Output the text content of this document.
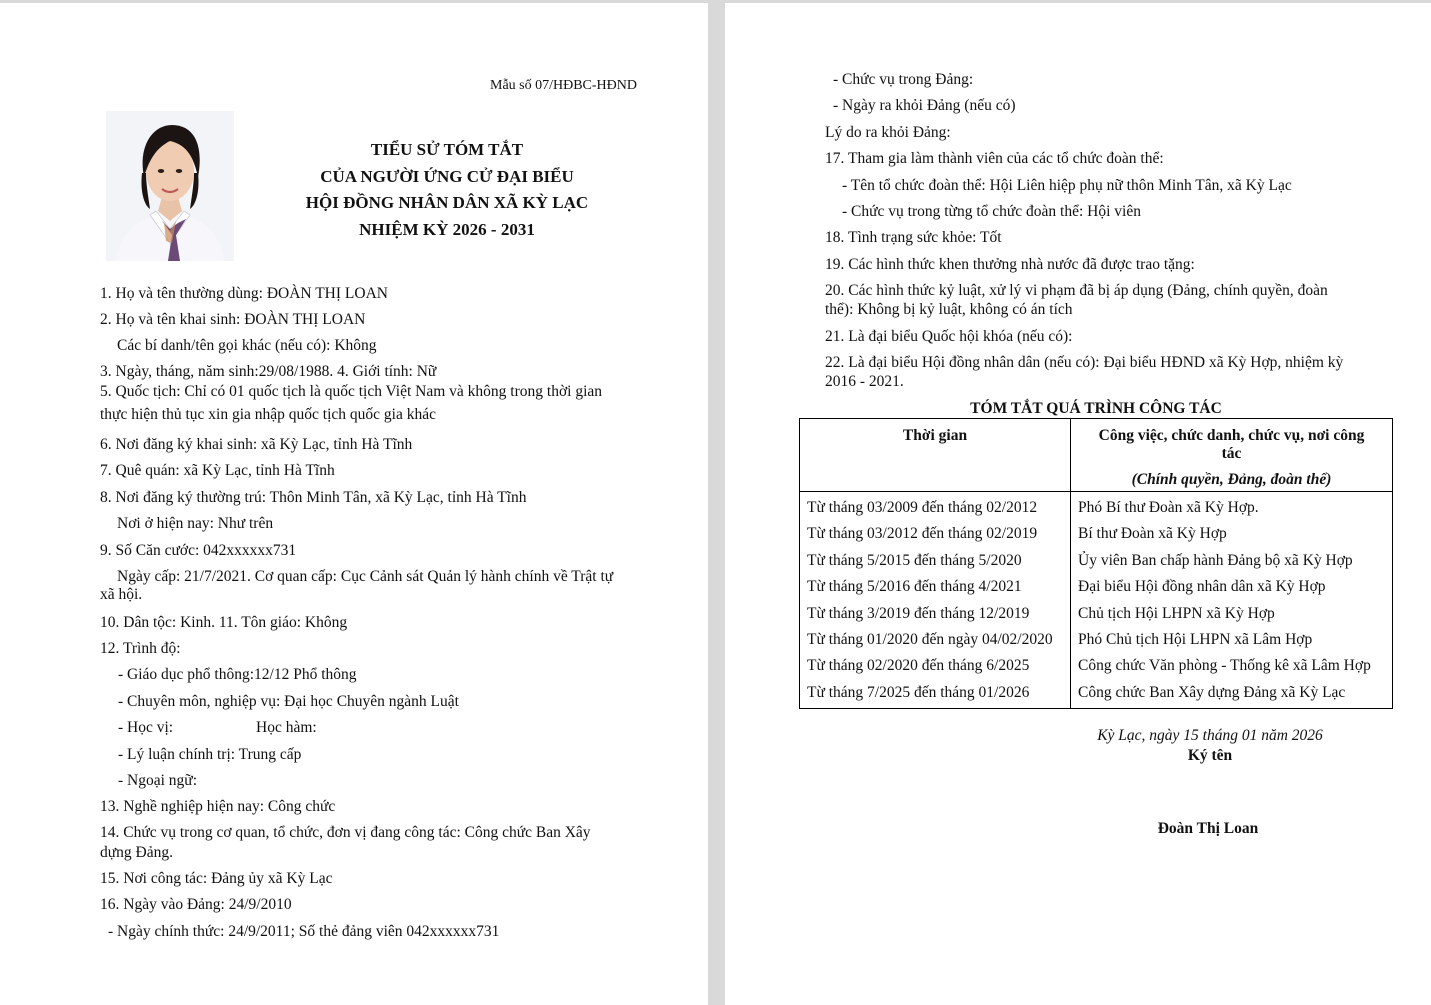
Mẫu số 07/HĐBC-HĐND
TIỂU SỬ TÓM TẮT
CỦA NGƯỜI ỨNG CỬ ĐẠI BIỂU
HỘI ĐỒNG NHÂN DÂN XÃ KỲ LẠC
NHIỆM KỲ 2026 - 2031
1. Họ và tên thường dùng: ĐOÀN THỊ LOAN
2. Họ và tên khai sinh: ĐOÀN THỊ LOAN
Các bí danh/tên gọi khác (nếu có): Không
3. Ngày, tháng, năm sinh:29/08/1988. 4. Giới tính: Nữ
5. Quốc tịch: Chỉ có 01 quốc tịch là quốc tịch Việt Nam và không trong thời gian
thực hiện thủ tục xin gia nhập quốc tịch quốc gia khác
6. Nơi đăng ký khai sinh: xã Kỳ Lạc, tỉnh Hà Tĩnh
7. Quê quán: xã Kỳ Lạc, tỉnh Hà Tĩnh
8. Nơi đăng ký thường trú: Thôn Minh Tân, xã Kỳ Lạc, tỉnh Hà Tĩnh
Nơi ở hiện nay: Như trên
9. Số Căn cước: 042xxxxxx731
Ngày cấp: 21/7/2021. Cơ quan cấp: Cục Cảnh sát Quản lý hành chính về Trật tự
xã hội.
10. Dân tộc: Kinh. 11. Tôn giáo: Không
12. Trình độ:
- Giáo dục phổ thông:12/12 Phổ thông
- Chuyên môn, nghiệp vụ: Đại học Chuyên ngành Luật
- Học vị:	Học hàm:
- Lý luận chính trị: Trung cấp
- Ngoại ngữ:
13. Nghề nghiệp hiện nay: Công chức
14. Chức vụ trong cơ quan, tổ chức, đơn vị đang công tác: Công chức Ban Xây
dựng Đảng.
15. Nơi công tác: Đảng ủy xã Kỳ Lạc
16. Ngày vào Đảng: 24/9/2010
- Ngày chính thức: 24/9/2011; Số thẻ đảng viên 042xxxxxx731
- Chức vụ trong Đảng:
- Ngày ra khỏi Đảng (nếu có)
Lý do ra khỏi Đảng:
17. Tham gia làm thành viên của các tổ chức đoàn thể:
- Tên tổ chức đoàn thể: Hội Liên hiệp phụ nữ thôn Minh Tân, xã Kỳ Lạc
- Chức vụ trong từng tổ chức đoàn thể: Hội viên
18. Tình trạng sức khỏe: Tốt
19. Các hình thức khen thưởng nhà nước đã được trao tặng:
20. Các hình thức kỷ luật, xử lý vi phạm đã bị áp dụng (Đảng, chính quyền, đoàn
thể): Không bị kỷ luật, không có án tích
21. Là đại biểu Quốc hội khóa (nếu có):
22. Là đại biểu Hội đồng nhân dân (nếu có): Đại biểu HĐND xã Kỳ Hợp, nhiệm kỳ
2016 - 2021.
TÓM TẮT QUÁ TRÌNH CÔNG TÁC
Thời gian	Công việc, chức danh, chức vụ, nơi công
tác
(Chính quyền, Đảng, đoàn thể)

Từ tháng 03/2009 đến tháng 02/2012	Phó Bí thư Đoàn xã Kỳ Hợp.
Từ tháng 03/2012 đến tháng 02/2019	Bí thư Đoàn xã Kỳ Hợp
Từ tháng 5/2015 đến tháng 5/2020	Ủy viên Ban chấp hành Đảng bộ xã Kỳ Hợp
Từ tháng 5/2016 đến tháng 4/2021	Đại biểu Hội đồng nhân dân xã Kỳ Hợp
Từ tháng 3/2019 đến tháng 12/2019	Chủ tịch Hội LHPN xã Kỳ Hợp
Từ tháng 01/2020 đến ngày 04/02/2020	Phó Chủ tịch Hội LHPN xã Lâm Hợp
Từ tháng 02/2020 đến tháng 6/2025	Công chức Văn phòng - Thống kê xã Lâm Hợp
Từ tháng 7/2025 đến tháng 01/2026	Công chức Ban Xây dựng Đảng xã Kỳ Lạc
Kỳ Lạc, ngày 15 tháng 01 năm 2026
Ký tên
Đoàn Thị Loan
